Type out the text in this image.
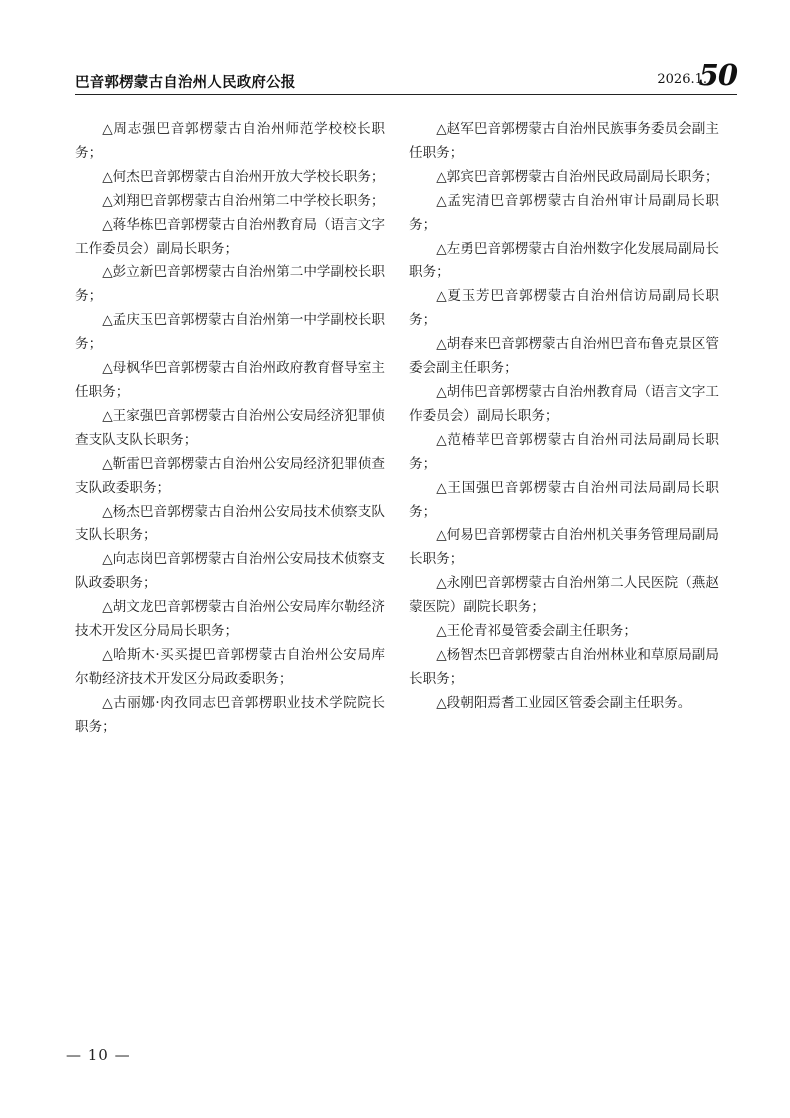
巴音郭楞蒙古自治州人民政府公报	2026.1.
50

△周志强巴音郭楞蒙古自治州师范学校校长职务；

△何杰巴音郭楞蒙古自治州开放大学校长职务；

△刘翔巴音郭楞蒙古自治州第二中学校长职务；

△蒋华栋巴音郭楞蒙古自治州教育局（语言文字工作委员会）副局长职务；

△彭立新巴音郭楞蒙古自治州第二中学副校长职务；

△孟庆玉巴音郭楞蒙古自治州第一中学副校长职务；

△母枫华巴音郭楞蒙古自治州政府教育督导室主任职务；

△王家强巴音郭楞蒙古自治州公安局经济犯罪侦查支队支队长职务；

△靳雷巴音郭楞蒙古自治州公安局经济犯罪侦查支队政委职务；

△杨杰巴音郭楞蒙古自治州公安局技术侦察支队支队长职务；

△向志岗巴音郭楞蒙古自治州公安局技术侦察支队政委职务；

△胡文龙巴音郭楞蒙古自治州公安局库尔勒经济技术开发区分局局长职务；

△哈斯木·买买提巴音郭楞蒙古自治州公安局库尔勒经济技术开发区分局政委职务；

△古丽娜·肉孜同志巴音郭楞职业技术学院院长职务；

△赵军巴音郭楞蒙古自治州民族事务委员会副主任职务；

△郭宾巴音郭楞蒙古自治州民政局副局长职务；

△孟宪清巴音郭楞蒙古自治州审计局副局长职务；

△左勇巴音郭楞蒙古自治州数字化发展局副局长职务；

△夏玉芳巴音郭楞蒙古自治州信访局副局长职务；

△胡春来巴音郭楞蒙古自治州巴音布鲁克景区管委会副主任职务；

△胡伟巴音郭楞蒙古自治州教育局（语言文字工作委员会）副局长职务；

△范椿苹巴音郭楞蒙古自治州司法局副局长职务；

△王国强巴音郭楞蒙古自治州司法局副局长职务；

△何易巴音郭楞蒙古自治州机关事务管理局副局长职务；

△永刚巴音郭楞蒙古自治州第二人民医院（燕赵蒙医院）副院长职务；

△王伦青祁曼管委会副主任职务；

△杨智杰巴音郭楞蒙古自治州林业和草原局副局长职务；

△段朝阳焉耆工业园区管委会副主任职务。

— 10 —
